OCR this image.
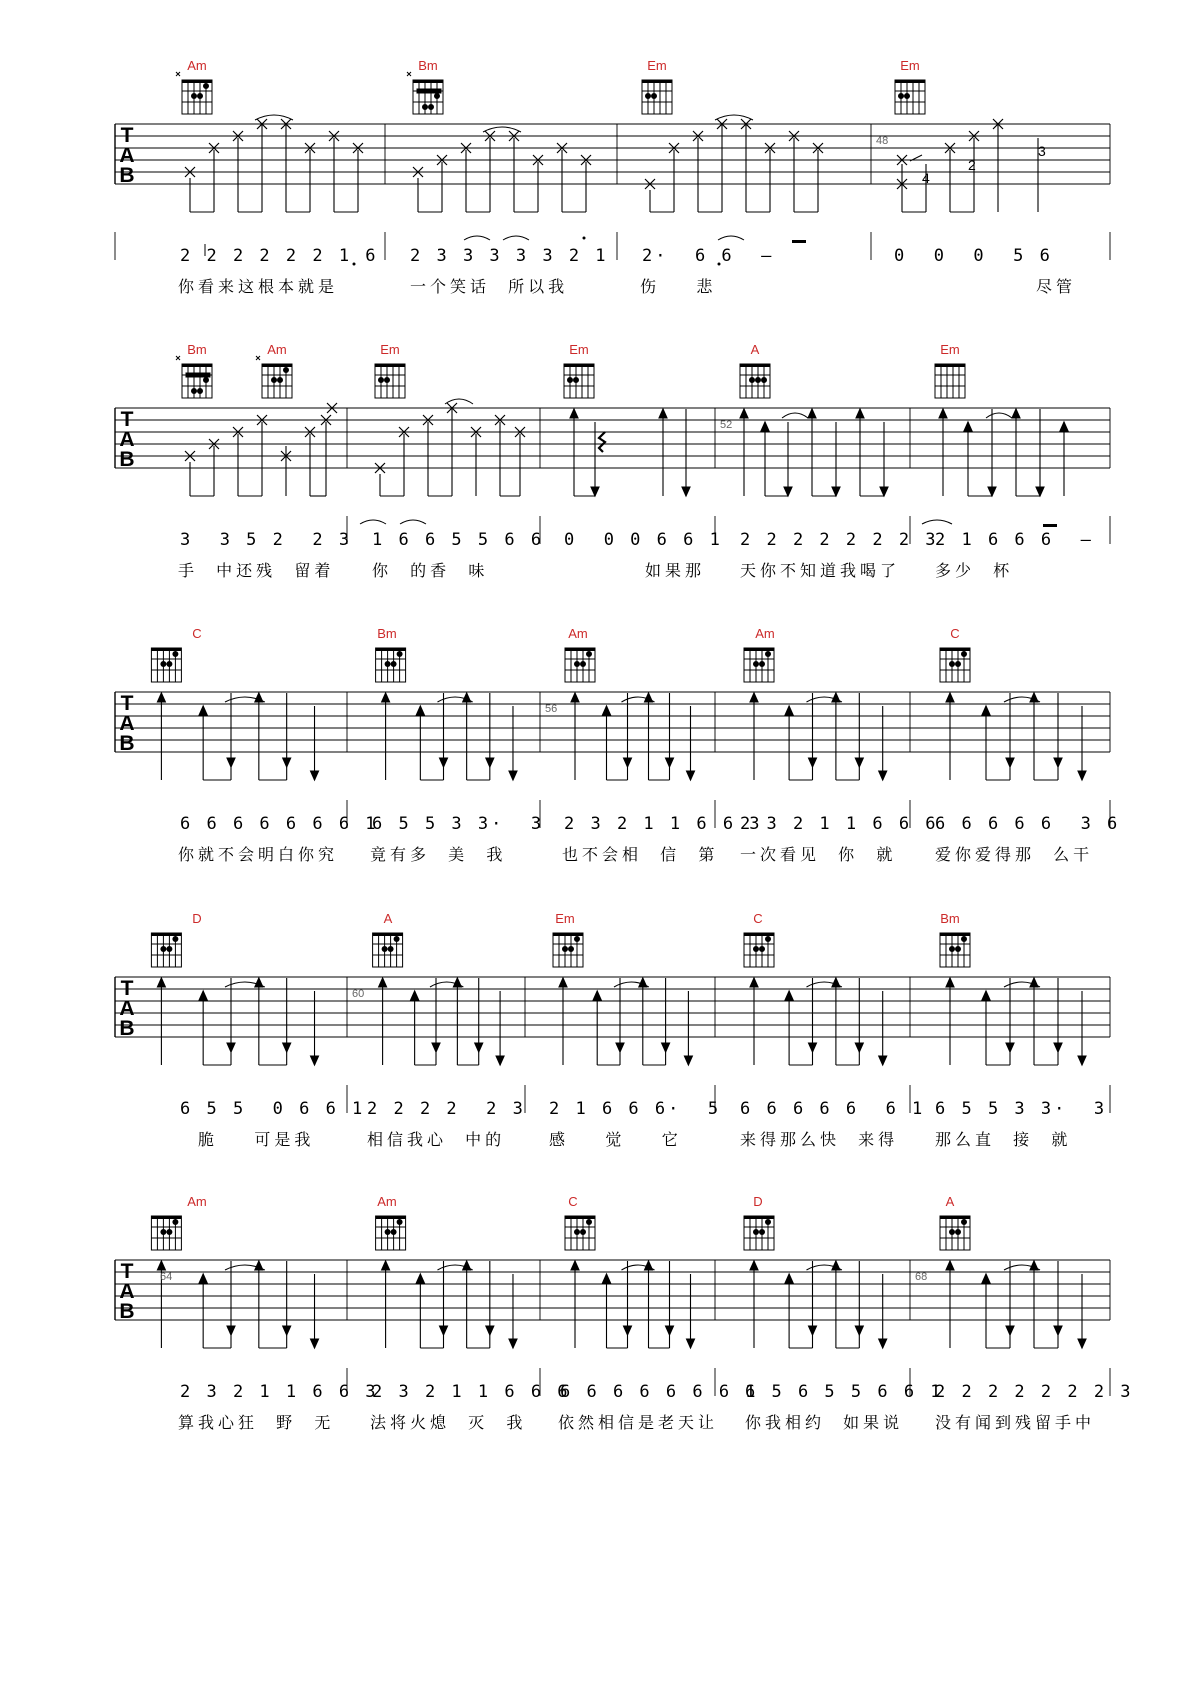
Am	Bm	Em	Em
T
A
B
48
4
2
3
2 2 2 2 2 2 1 6 2 3 3 3 3 3 2 1 2·  6 6  –	0  0  0  5 6
你看来这根本就是	一个笑话  所以我	伤    悲	尽管
Bm	Am	Em	Em	A	Em
T
A
B
52
3  3 5 2  2 3 1 6 6 5 5 6 6 0  0 0 6 6 1 2 2 2 2 2 2 2 3
2 1 6 6 6  –
手  中还残  留着 你  的香  味	如果那 天你不知道我喝了 多少  杯
C	Bm	Am	Am	C
T
A
B
56
6 6 6 6 6 6 6 1
6 5 5 3 3·  3 2 3 2 1 1 6 6 3
2 3 2 1 1 6 6 6
6 6 6 6 6  3 6
你就不会明白你究 竟有多  美  我	也不会相  信  第 一次看见  你  就 爱你爱得那  么干
D	A	Em	C	Bm
T
A
B
60
6 5 5  0 6 6 1 2 2 2 2  2 3 2 1 6 6 6·  5 6 6 6 6 6  6 1 6 5 5 3 3·  3
脆    可是我	相信我心  中的	感    觉    它	来得那么快  来得 那么直  接  就
Am	Am	C	D	A
T
A
B
64	68
2 3 2 1 1 6 6 3
2 3 2 1 1 6 6 6
6 6 6 6 6 6 6 1
6 5 6 5 5 6 6 1
2 2 2 2 2 2 2 3
算我心狂  野  无 法将火熄  灭  我 依然相信是老天让 你我相约  如果说 没有闻到残留手中
